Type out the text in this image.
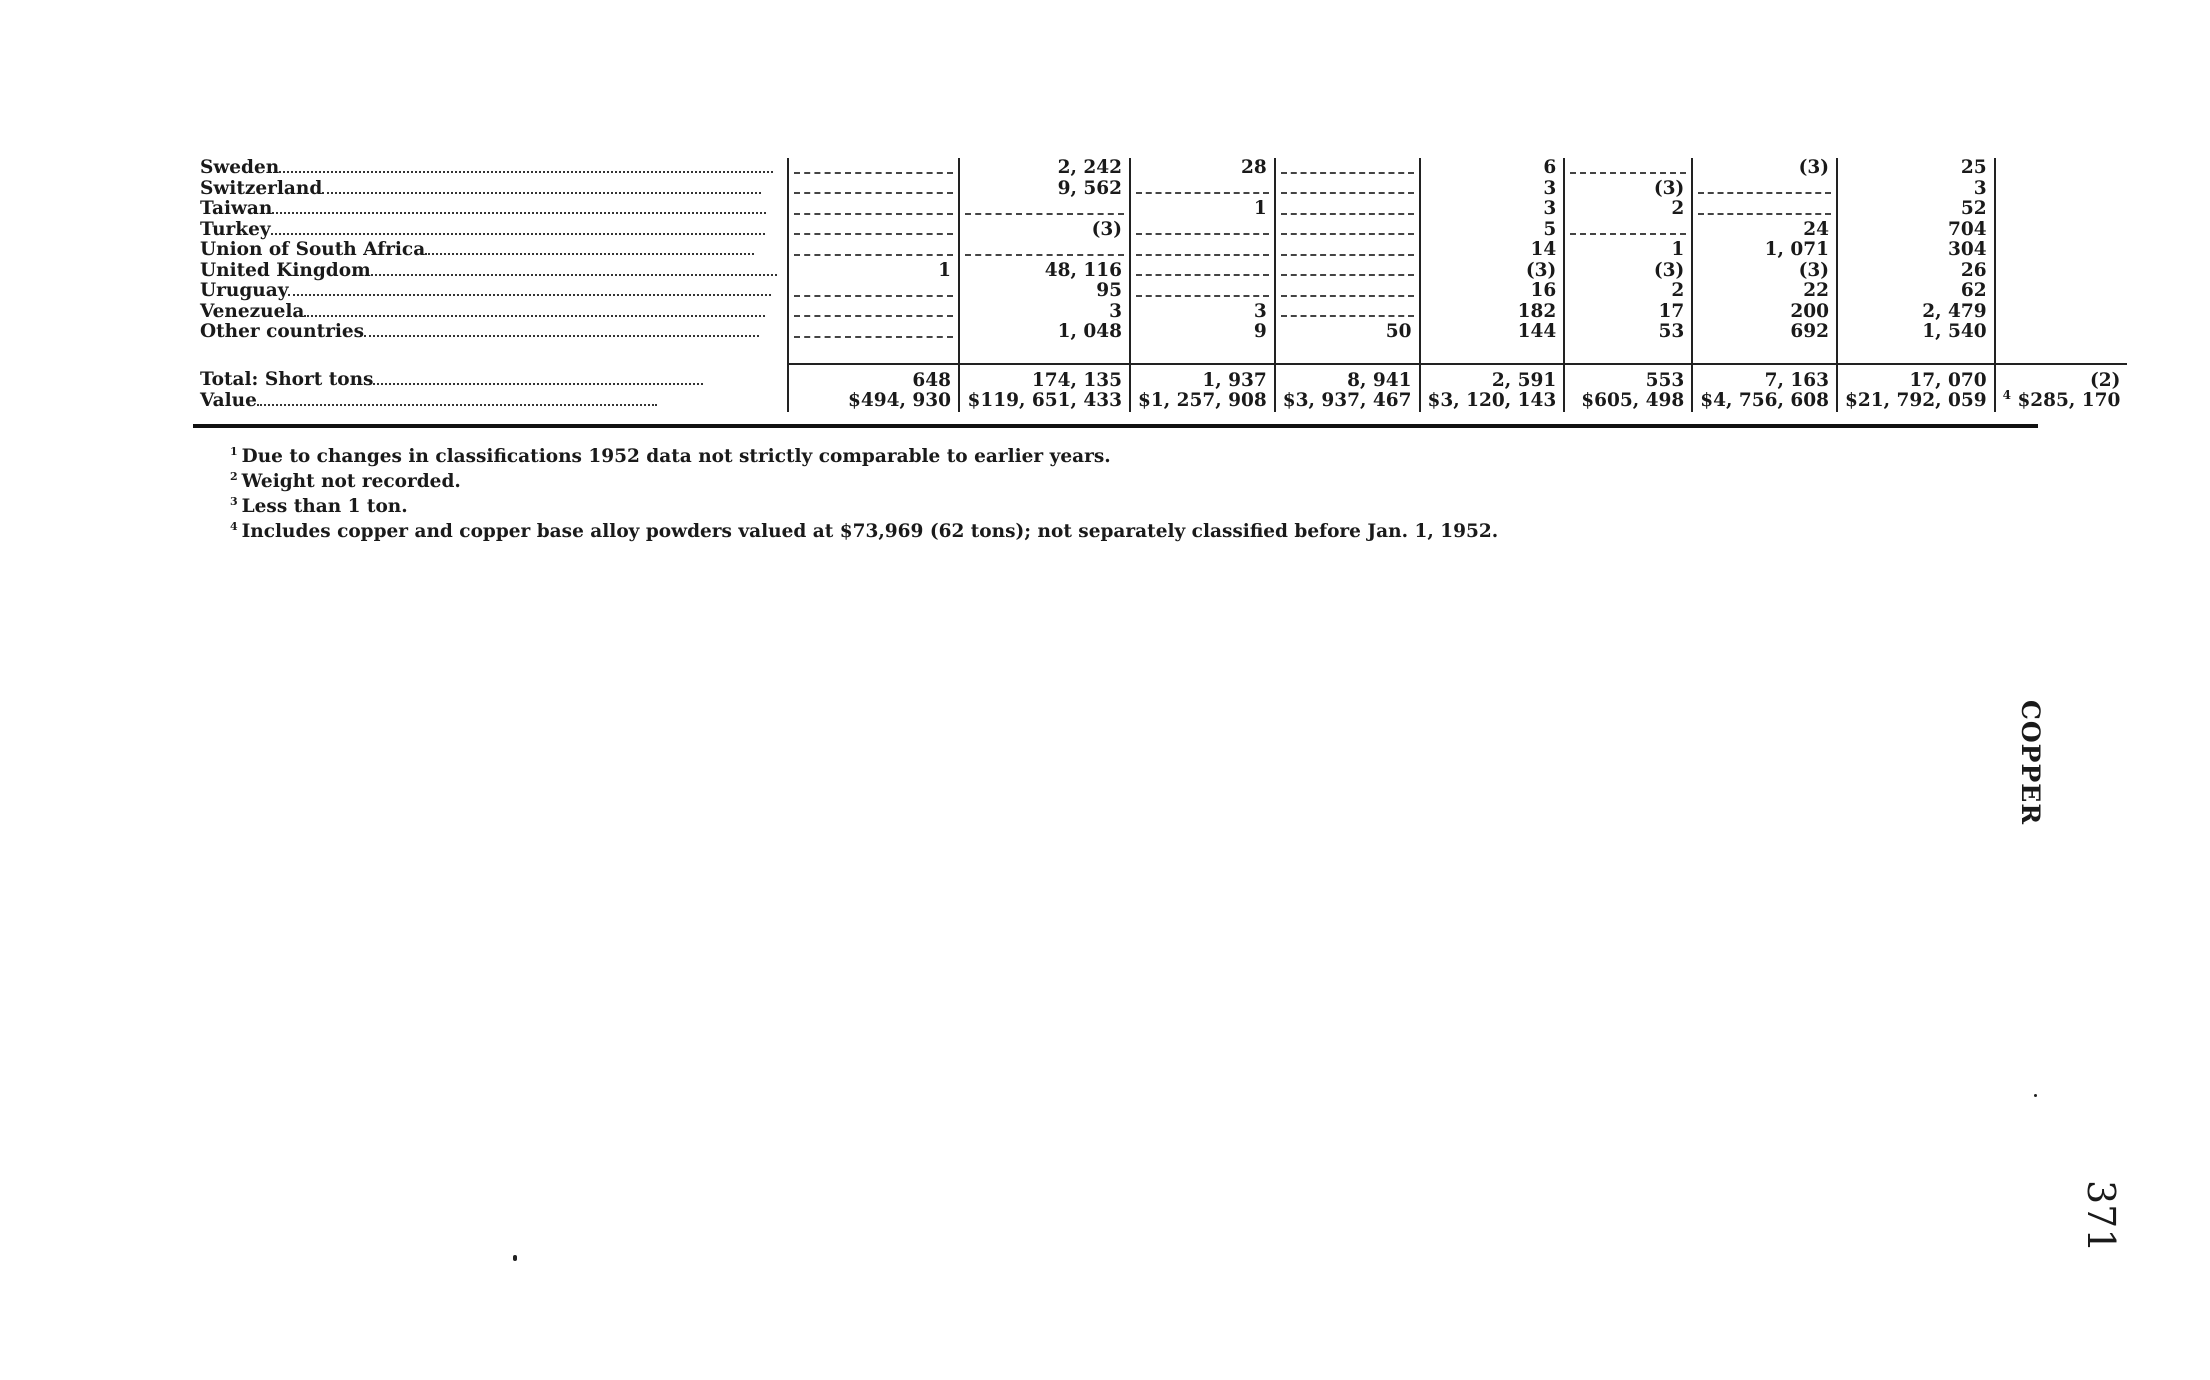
Sweden		2, 242	28		6		(3)	25	
Switzerland		9, 562			3	(3)		3	
Taiwan			1		3	2		52	
Turkey		(3)			5		24	704	
Union of South Africa					14	1	1, 071	304	
United Kingdom	1	48, 116			(3)	(3)	(3)	26	
Uruguay		95			16	2	22	62	
Venezuela		3	3		182	17	200	2, 479	
Other countries		1, 048	9	50	144	53	692	1, 540	

Total: Short tons	648	174, 135	1, 937	8, 941	2, 591	553	7, 163	17, 070	(2)
Value	$494, 930	$119, 651, 433	$1, 257, 908	$3, 937, 467	$3, 120, 143	$605, 498	$4, 756, 608	$21, 792, 059	$^4$ $285, 170
$^1$ Due to changes in classifications 1952 data not strictly comparable to earlier years.
$^2$ Weight not recorded.
$^3$ Less than 1 ton.
$^4$ Includes copper and copper base alloy powders valued at $73,969 (62 tons); not separately classified before Jan. 1, 1952.
COPPER
371
